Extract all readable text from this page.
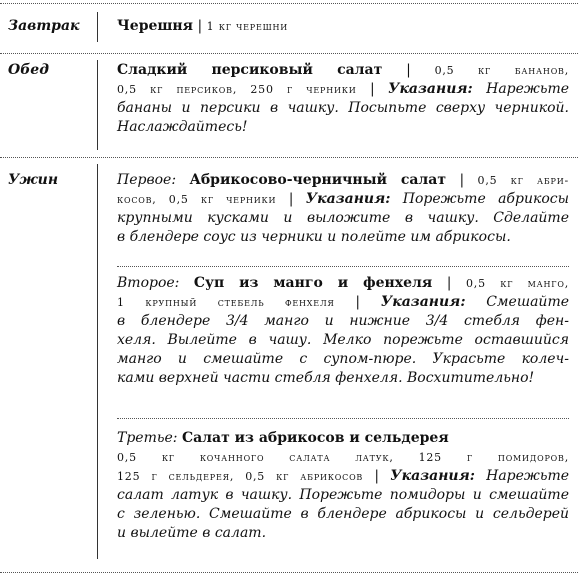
Завтрак	Черешня | 1 кг черешни
Обед	Сладкий персиковый салат | 0,5 кг бананов,
0,5 кг персиков, 250 г черники | Указания: Нарежьте
бананы и персики в чашку. Посыпьте сверху черникой.
Наслаждайтесь!
Ужин	Первое: Абрикосово-черничный салат | 0,5 кг абри-
косов, 0,5 кг черники | Указания: Порежьте абрикосы
крупными кусками и выложите в чашку. Сделайте
в блендере соус из черники и полейте им абрикосы.
Второе: Суп из манго и фенхеля | 0,5 кг манго,
1 крупный стебель фенхеля | Указания: Смешайте
в блендере 3/4 манго и нижние 3/4 стебля фен-
хеля. Вылейте в чашу. Мелко порежьте оставшийся
манго и смешайте с супом-пюре. Украсьте колеч-
ками верхней части стебля фенхеля. Восхитительно!
Третье: Салат из абрикосов и сельдерея
0,5 кг кочанного салата латук, 125 г помидоров,
125 г сельдерея, 0,5 кг абрикосов | Указания: Нарежьте
салат латук в чашку. Порежьте помидоры и смешайте
с зеленью. Смешайте в блендере абрикосы и сельдерей
и вылейте в салат.
